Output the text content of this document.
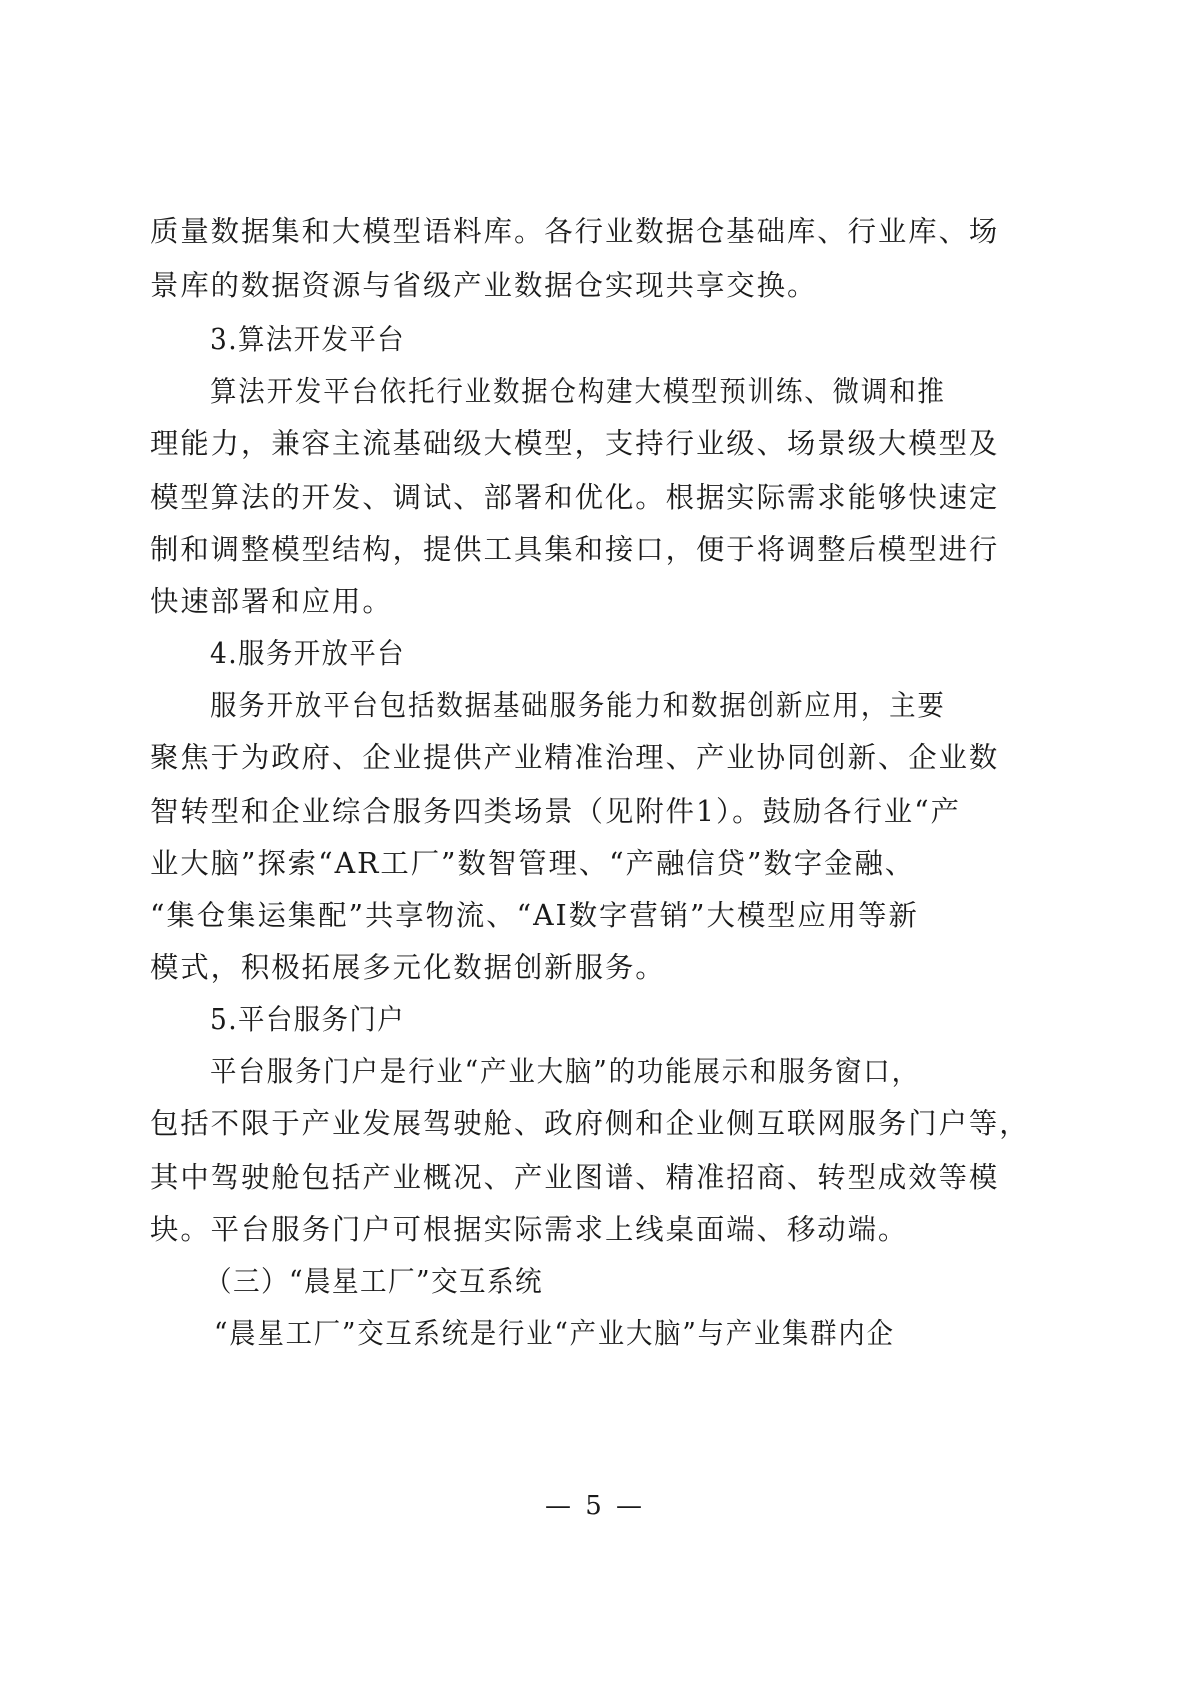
质量数据集和大模型语料库。各行业数据仓基础库、行业库、场
景库的数据资源与省级产业数据仓实现共享交换。
3.算法开发平台
算法开发平台依托行业数据仓构建大模型预训练、微调和推
理能力，兼容主流基础级大模型，支持行业级、场景级大模型及
模型算法的开发、调试、部署和优化。根据实际需求能够快速定
制和调整模型结构，提供工具集和接口，便于将调整后模型进行
快速部署和应用。
4.服务开放平台
服务开放平台包括数据基础服务能力和数据创新应用，主要
聚焦于为政府、企业提供产业精准治理、产业协同创新、企业数
智转型和企业综合服务四类场景（见附件1）。鼓励各行业“产
业大脑”探索“AR工厂”数智管理、“产融信贷”数字金融、
“集仓集运集配”共享物流、“AI数字营销”大模型应用等新
模式，积极拓展多元化数据创新服务。
5.平台服务门户
平台服务门户是行业“产业大脑”的功能展示和服务窗口，
包括不限于产业发展驾驶舱、政府侧和企业侧互联网服务门户等，
其中驾驶舱包括产业概况、产业图谱、精准招商、转型成效等模
块。平台服务门户可根据实际需求上线桌面端、移动端。
（三）“晨星工厂”交互系统
“晨星工厂”交互系统是行业“产业大脑”与产业集群内企
— 5 —
